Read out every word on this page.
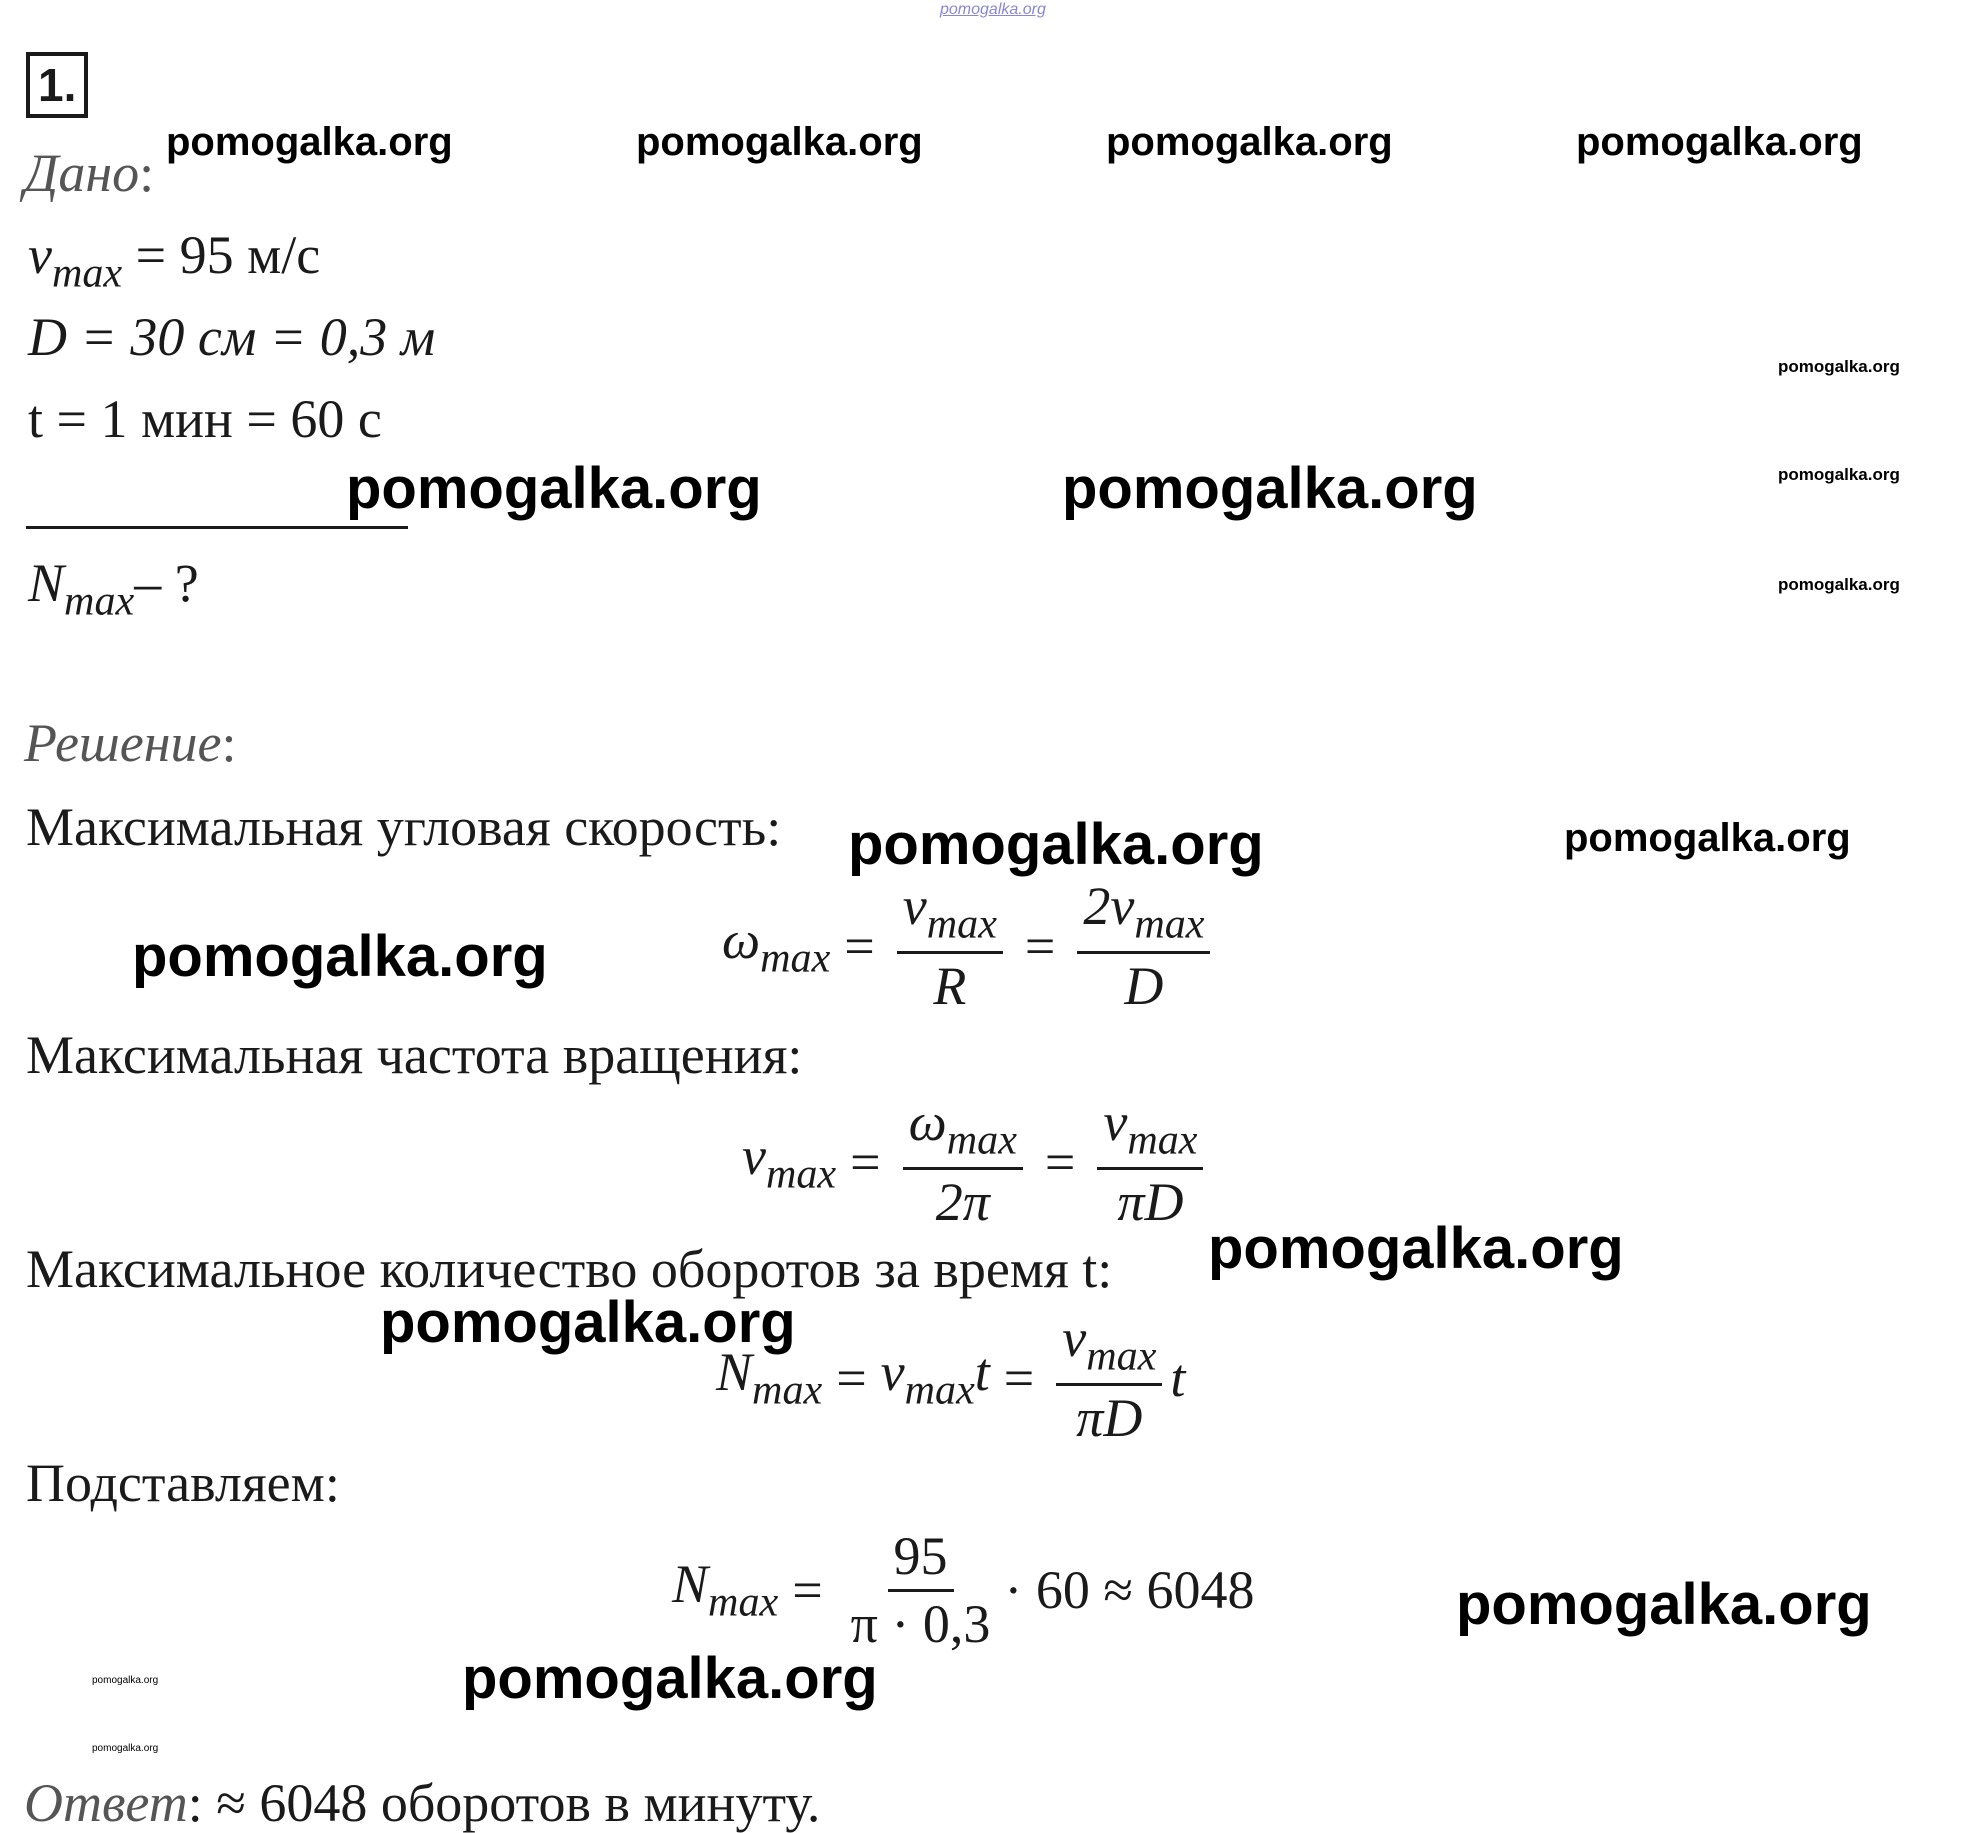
pomogalka.org
1.
pomogalka.org	pomogalka.org	pomogalka.org	pomogalka.org
Дано:
$v_{max} = 95$ м/с
D = 30 см = 0,3 м
t = 1 мин = 60 с
pomogalka.org
pomogalka.org
pomogalka.org
pomogalka.org	pomogalka.org
$N_{max}-$ ?
Решение:
Максимальная угловая скорость: pomogalka.org	pomogalka.org
pomogalka.org	$\omega_{max} = \frac{v_{max}}{R} = \frac{2v_{max}}{D}$
Максимальная частота вращения:
$\nu_{max} = \frac{\omega_{max}}{2\pi} = \frac{v_{max}}{\pi D}$
Максимальное количество оборотов за время t: pomogalka.org
pomogalka.org
$N_{max} = \nu_{max}t = \frac{v_{max}}{\pi D}$ t
Подставляем:
$N_{max} = \frac{95}{\pi \cdot 0,3} \cdot 60 \approx 6048$	pomogalka.org
pomogalka.org
pomogalka.org
pomogalka.org
Ответ: ≈ 6048 оборотов в минуту.
